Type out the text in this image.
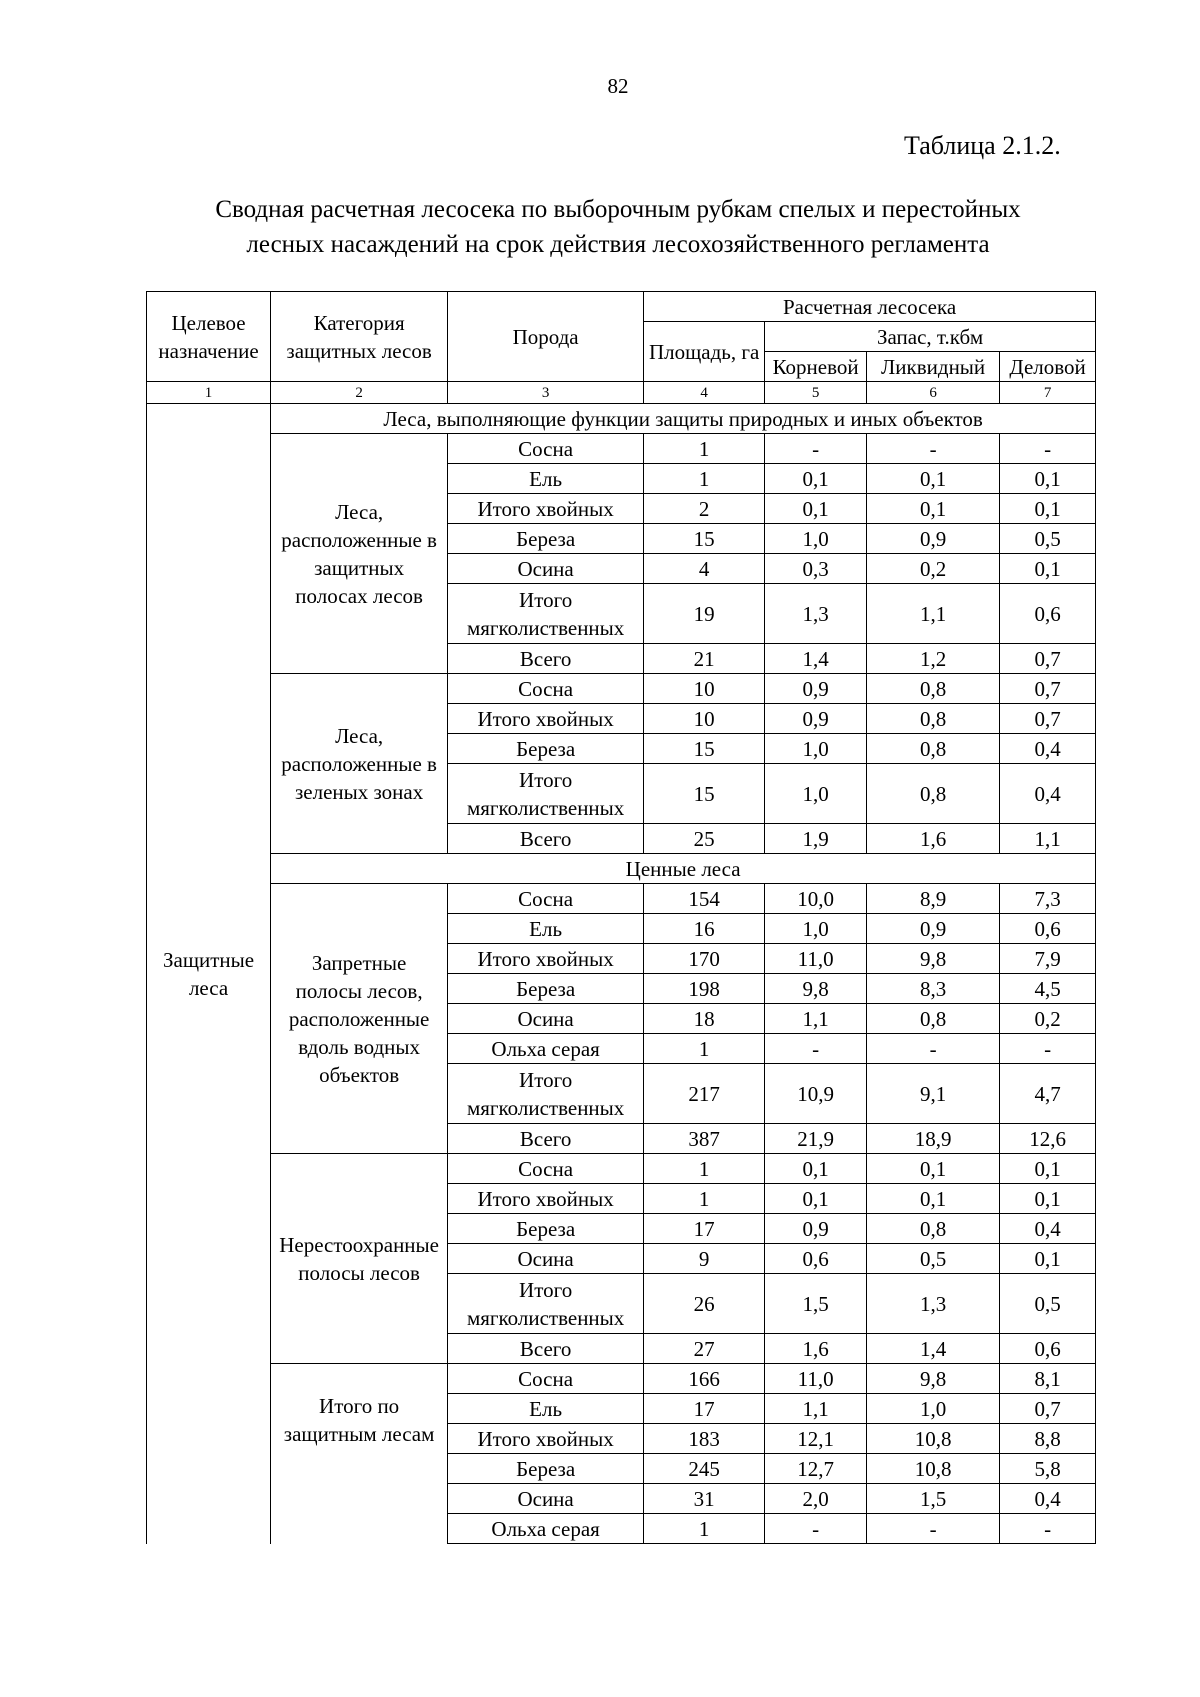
82
Таблица 2.1.2.
Сводная расчетная лесосека по выборочным рубкам спелых и перестойных
лесных насаждений на срок действия лесохозяйственного регламента
Целевое назначение	Категория защитных лесов	Порода	Расчетная лесосека			
			Площадь, га	Запас, т.кбм		
				Корневой	Ликвидный	Деловой
1	2	3	4	5	6	7
Защитные леса	Леса, выполняющие функции защиты природных и иных объектов					
	Леса, расположенные в защитных полосах лесов	Сосна	1	-	-	-
		Ель	1	0,1	0,1	0,1
		Итого хвойных	2	0,1	0,1	0,1
		Береза	15	1,0	0,9	0,5
		Осина	4	0,3	0,2	0,1
		Итого мягколиственных	19	1,3	1,1	0,6
		Всего	21	1,4	1,2	0,7
	Леса, расположенные в зеленых зонах	Сосна	10	0,9	0,8	0,7
		Итого хвойных	10	0,9	0,8	0,7
		Береза	15	1,0	0,8	0,4
		Итого мягколиственных	15	1,0	0,8	0,4
		Всего	25	1,9	1,6	1,1
	Ценные леса					
	Запретные полосы лесов, расположенные вдоль водных объектов	Сосна	154	10,0	8,9	7,3
		Ель	16	1,0	0,9	0,6
		Итого хвойных	170	11,0	9,8	7,9
		Береза	198	9,8	8,3	4,5
		Осина	18	1,1	0,8	0,2
		Ольха серая	1	-	-	-
		Итого мягколиственных	217	10,9	9,1	4,7
		Всего	387	21,9	18,9	12,6
	Нерестоохранные полосы лесов	Сосна	1	0,1	0,1	0,1
		Итого хвойных	1	0,1	0,1	0,1
		Береза	17	0,9	0,8	0,4
		Осина	9	0,6	0,5	0,1
		Итого мягколиственных	26	1,5	1,3	0,5
		Всего	27	1,6	1,4	0,6
	Итого по защитным лесам	Сосна	166	11,0	9,8	8,1
		Ель	17	1,1	1,0	0,7
		Итого хвойных	183	12,1	10,8	8,8
		Береза	245	12,7	10,8	5,8
		Осина	31	2,0	1,5	0,4
		Ольха серая	1	-	-	-
